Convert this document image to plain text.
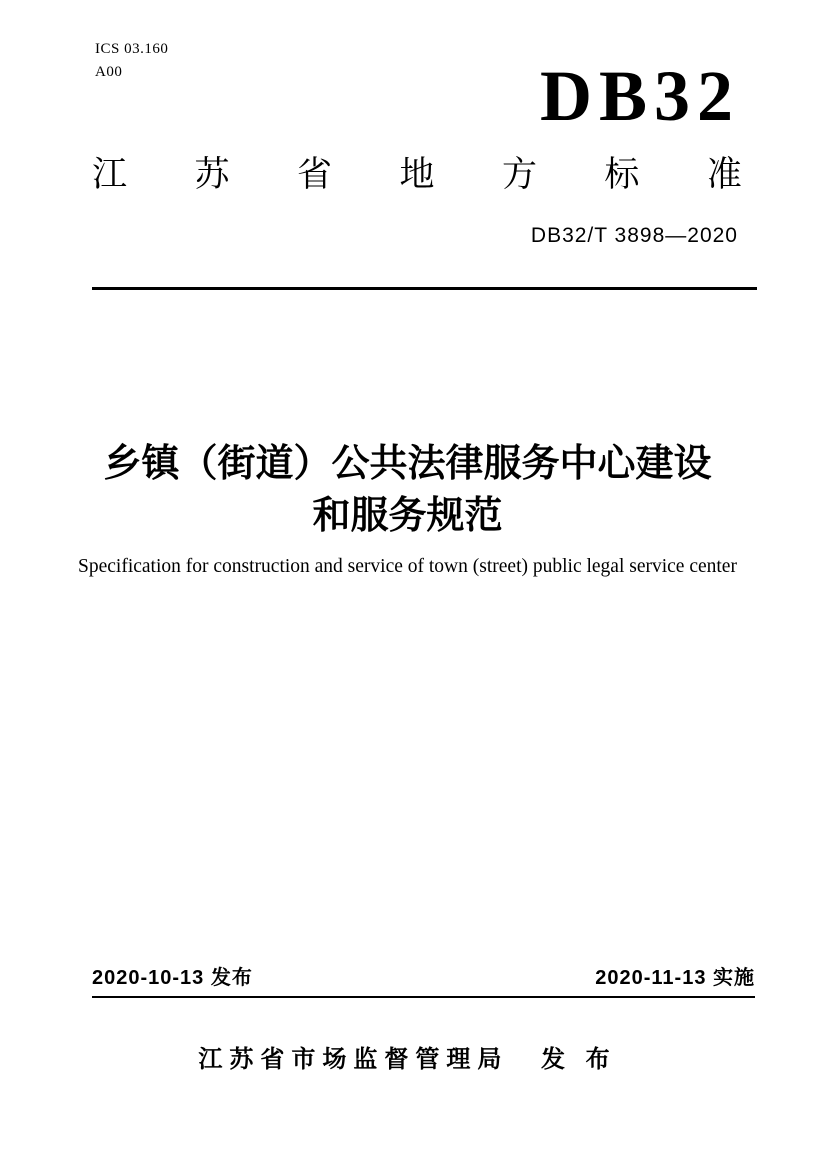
ICS 03.160
A00	DB32
江 苏 省 地 方 标 准
DB32/T 3898—2020
乡镇（街道）公共法律服务中心建设
和服务规范
Specification for construction and service of town (street) public legal service center
2020-10-13 发布	2020-11-13 实施
江苏省市场监督管理局 发 布
